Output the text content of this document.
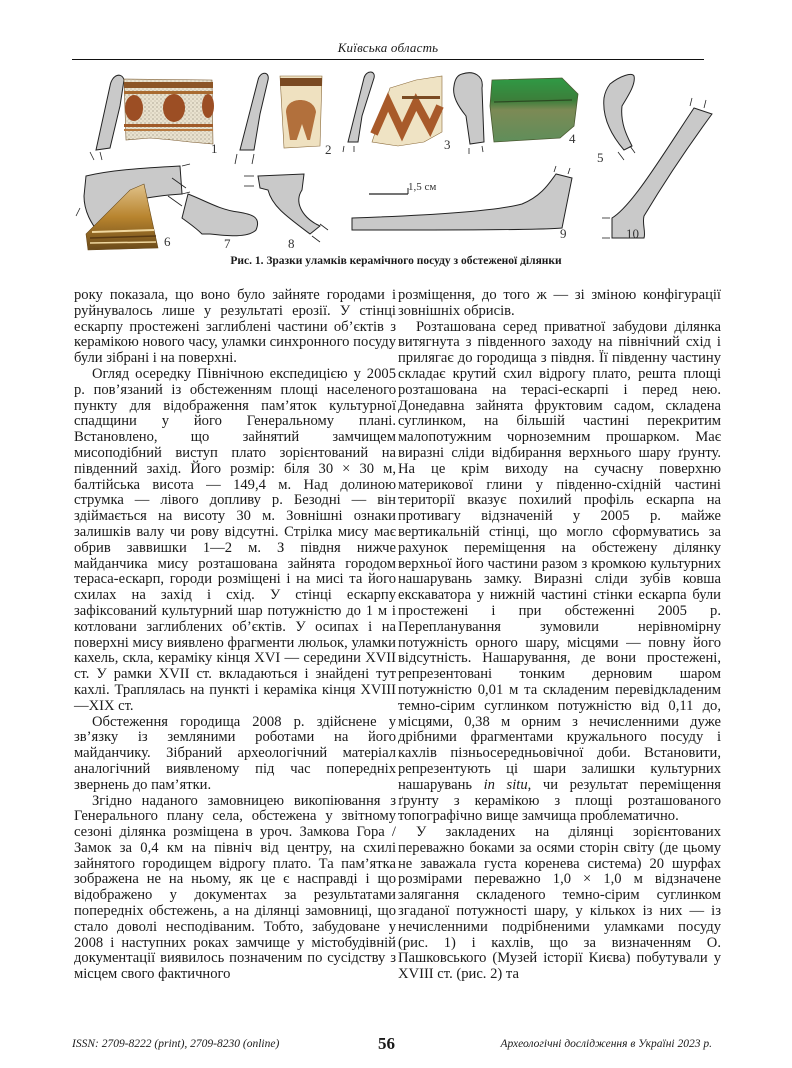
Київська область
1	2	3	4
5
10
6	7	8
1,5 см
9
Рис. 1. Зразки уламків керамічного посуду з обстеженої ділянки

року показала, що воно було зайняте городами і руйнувалось лише у результаті ерозії. У стінці ескарпу простежені заглиблені частини об’єктів з керамікою нового часу, уламки синхронного посуду були зібрані і на поверхні.

Огляд осередку Північною експедицією у 2005 р. пов’язаний із обстеженням площі населеного пункту для відображення пам’яток культурної спадщини у його Генеральному плані. Встановлено, що зайнятий замчищем мисоподібний виступ плато зорієнтований на південний захід. Його розмір: біля 30 × 30 м, балтійська висота — 149,4 м. Над долиною струмка — лівого допливу р. Безодні — він здіймається на висоту 30 м. Зовнішні ознаки залишків валу чи рову відсутні. Стрілка мису має обрив заввишки 1—2 м. З півдня нижче майданчика мису розташована зайнята городом тераса-ескарп, городи розміщені і на мисі та його схилах на захід і схід. У стінці ескарпу зафіксований культурний шар потужністю до 1 м і котловани заглиблених об’єктів. У осипах і на поверхні мису виявлено фрагменти люльок, уламки кахель, скла, кераміку кінця XVI — середини XVII ст. У рамки XVII ст. вкладаються і знайдені тут кахлі. Траплялась на пункті і кераміка кінця XVIII—XIX ст.

Обстеження городища 2008 р. здійснене у зв’язку із земляними роботами на його майданчику. Зібраний археологічний матеріал аналогічний виявленому під час попередніх звернень до пам’ятки.

Згідно наданого замовницею викопіювання з Генерального плану села, обстежена у звітному сезоні ділянка розміщена в уроч. Замкова Гора / Замок за 0,4 км на північ від центру, на схилі зайнятого городищем відрогу плато. Та пам’ятка зображена не на ньому, як це є насправді і що відображено у документах за результатами попередніх обстежень, а на ділянці замовниці, що стало доволі несподіваним. Тобто, забудоване у 2008 і наступних роках замчище у містобудівній документації виявилось позначеним по сусідству з місцем свого фактичного

розміщення, до того ж — зі зміною конфігурації зовнішніх обрисів.

Розташована серед приватної забудови ділянка витягнута з південного заходу на північний схід і прилягає до городища з півдня. Її південну частину складає крутий схил відрогу плато, решта площі розташована на терасі-ескарпі і перед нею. Донедавна зайнята фруктовим садом, складена суглинком, на більшій частині перекритим малопотужним чорноземним прошарком. Має виразні сліди відбирання верхнього шару ґрунту. На це крім виходу на сучасну поверхню материкової глини у південно-східній частині території вказує похилий профіль ескарпа на противагу відзначеній у 2005 р. майже вертикальній стінці, що могло сформуватись за рахунок переміщення на обстежену ділянку верхньої його частини разом з кромкою культурних нашарувань замку. Виразні сліди зубів ковша екскаватора у нижній частині стінки ескарпа були простежені і при обстеженні 2005 р. Перепланування зумовили нерівномірну потужність орного шару, місцями — повну його відсутність. Нашарування, де вони простежені, репрезентовані тонким дерновим шаром потужністю 0,01 м та складеним перевідкладеним темно-сірим суглинком потужністю від 0,11 до, місцями, 0,38 м орним з нечисленними дуже дрібними фрагментами кружального посуду і кахлів пізньосередньовічної доби. Встановити, репрезентують ці шари залишки культурних нашарувань in situ, чи результат переміщення ґрунту з керамікою з площі розташованого топографічно вище замчища проблематично.

У закладених на ділянці зорієнтованих переважно боками за осями сторін світу (де цьому не заважала густа коренева система) 20 шурфах розмірами переважно 1,0 × 1,0 м відзначене залягання складеного темно-сірим суглинком згаданої потужності шару, у кількох із них — із нечисленними подрібненими уламками посуду (рис. 1) і кахлів, що за визначенням О. Пашковського (Музей історії Києва) побутували у XVIII ст. (рис. 2) та

ISSN: 2709-8222 (print), 2709-8230 (online)	56	Археологічні дослідження в Україні 2023 р.
